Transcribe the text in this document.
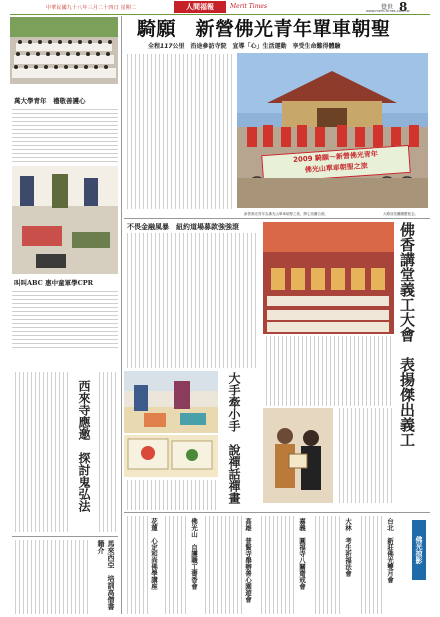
中華民國九十八年三月二十四日 星期二	人間福報	Merit Times	覺世 8
www.merit-times.com.tw
萬大學青年　禮敬善護心
叫叫ABC 惠中童軍學CPR
西來寺應邀　探討鬼弘法
馬來西亞　培訓高僧書籍介
騎願　新營佛光青年單車朝聖
全程117公里　沿途參訪寺院　宣導「心」生活運動　享受生命難得體驗
2009 騎願～新營佛光青年
佛光山單車朝聖之旅
新營佛光青年為佛光山單車朝聖之旅，開心拍攝合照。	大殿前拍攝團體留念。
不畏金融風暴　紐約道場募款強強滾	佛香講堂義工大會　表揚傑出義工
大手牽小手　說禪話禪畫
花蓮　心定和尚佛學講座	佛光山　自護職工書香會	高雄　普賢寺舉辦善心園遊會	嘉義　圓福寺八關齋戒會	大林　考生祈福法會	台北　新莊佛光雙月會	佛光掠影
